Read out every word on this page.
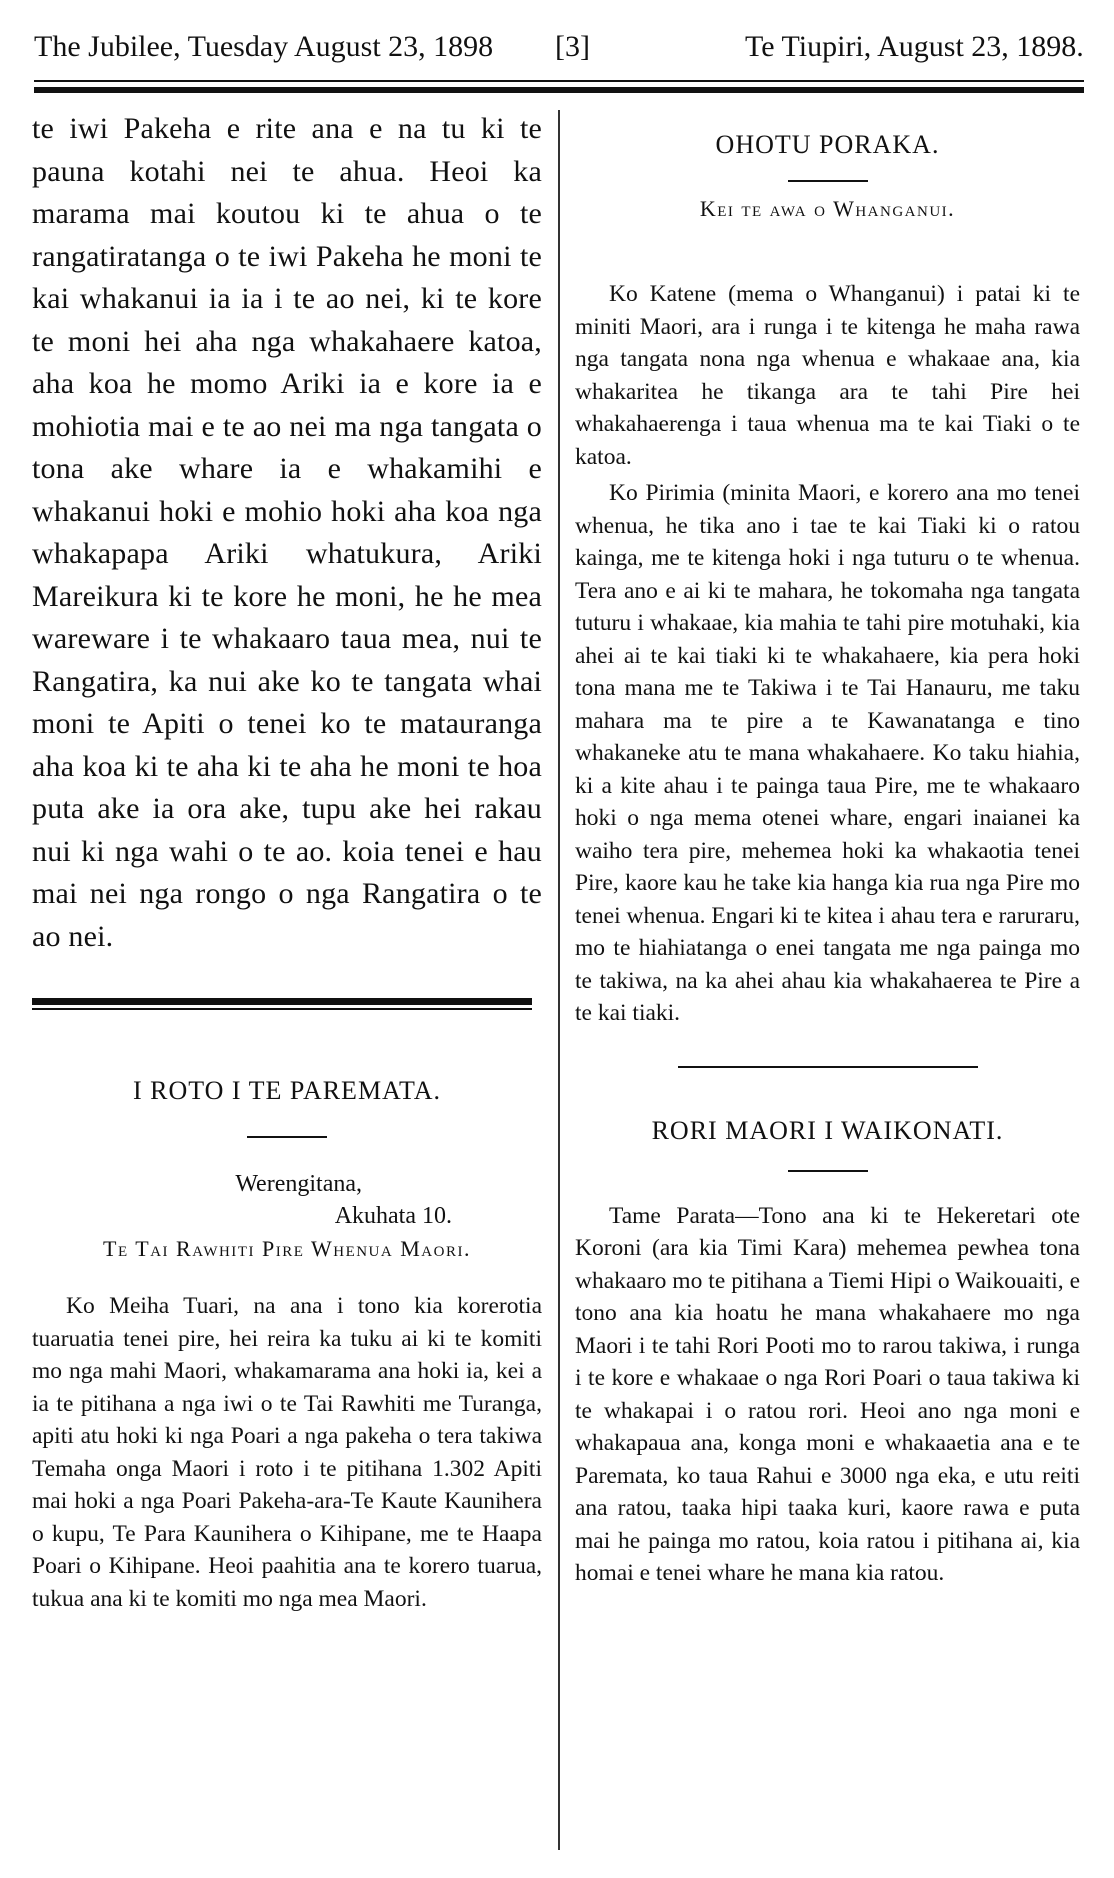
The Jubilee, Tuesday August 23, 1898 [3]	Te Tiupiri, August 23, 1898.

te iwi Pakeha e rite ana e na tu ki te pauna kotahi nei te ahua. Heoi ka marama mai koutou ki te ahua o te rangatiratanga o te iwi Pakeha he moni te kai whakanui ia ia i te ao nei, ki te kore te moni hei aha nga whakahaere katoa, aha koa he momo Ariki ia e kore ia e mohiotia mai e te ao nei ma nga tangata o tona ake whare ia e whakamihi e whakanui hoki e mohio hoki aha koa nga whakapapa Ariki whatukura, Ariki Mareikura ki te kore he moni, he he mea wareware i te whakaaro taua mea, nui te Rangatira, ka nui ake ko te tangata whai moni te Apiti o tenei ko te matauranga aha koa ki te aha ki te aha he moni te hoa puta ake ia ora ake, tupu ake hei rakau nui ki nga wahi o te ao. koia tenei e hau mai nei nga rongo o nga Rangatira o te ao nei.

I ROTO I TE PAREMATA.

Werengitana,

Akuhata 10.

Te Tai Rawhiti Pire Whenua Maori.

Ko Meiha Tuari, na ana i tono kia korerotia tuaruatia tenei pire, hei reira ka tuku ai ki te komiti mo nga mahi Maori, whakamarama ana hoki ia, kei a ia te pitihana a nga iwi o te Tai Rawhiti me Turanga, apiti atu hoki ki nga Poari a nga pakeha o tera takiwa Temaha onga Maori i roto i te pitihana 1.302 Apiti mai hoki a nga Poari Pakeha-ara-Te Kaute Kaunihera o kupu, Te Para Kaunihera o Kihipane, me te Haapa Poari o Kihipane. Heoi paahitia ana te korero tuarua, tukua ana ki te komiti mo nga mea Maori.

OHOTU PORAKA.

Kei te awa o Whanganui.

Ko Katene (mema o Whanganui) i patai ki te miniti Maori, ara i runga i te kitenga he maha rawa nga tangata nona nga whenua e whakaae ana, kia whakaritea he tikanga ara te tahi Pire hei whakahaerenga i taua whenua ma te kai Tiaki o te katoa.

Ko Pirimia (minita Maori, e korero ana mo tenei whenua, he tika ano i tae te kai Tiaki ki o ratou kainga, me te kitenga hoki i nga tuturu o te whenua. Tera ano e ai ki te mahara, he tokomaha nga tangata tuturu i whakaae, kia mahia te tahi pire motuhaki, kia ahei ai te kai tiaki ki te whakahaere, kia pera hoki tona mana me te Takiwa i te Tai Hanauru, me taku mahara ma te pire a te Kawanatanga e tino whakaneke atu te mana whakahaere. Ko taku hiahia, ki a kite ahau i te painga taua Pire, me te whakaaro hoki o nga mema otenei whare, engari inaianei ka waiho tera pire, mehemea hoki ka whakaotia tenei Pire, kaore kau he take kia hanga kia rua nga Pire mo tenei whenua. Engari ki te kitea i ahau tera e raruraru, mo te hiahiatanga o enei tangata me nga painga mo te takiwa, na ka ahei ahau kia whakahaerea te Pire a te kai tiaki.

RORI MAORI I WAIKONATI.

Tame Parata—Tono ana ki te Hekeretari ote Koroni (ara kia Timi Kara) mehemea pewhea tona whakaaro mo te pitihana a Tiemi Hipi o Waikouaiti, e tono ana kia hoatu he mana whakahaere mo nga Maori i te tahi Rori Pooti mo to rarou takiwa, i runga i te kore e whakaae o nga Rori Poari o taua takiwa ki te whakapai i o ratou rori. Heoi ano nga moni e whakapaua ana, konga moni e whakaaetia ana e te Paremata, ko taua Rahui e 3000 nga eka, e utu reiti ana ratou, taaka hipi taaka kuri, kaore rawa e puta mai he painga mo ratou, koia ratou i pitihana ai, kia homai e tenei whare he mana kia ratou.
